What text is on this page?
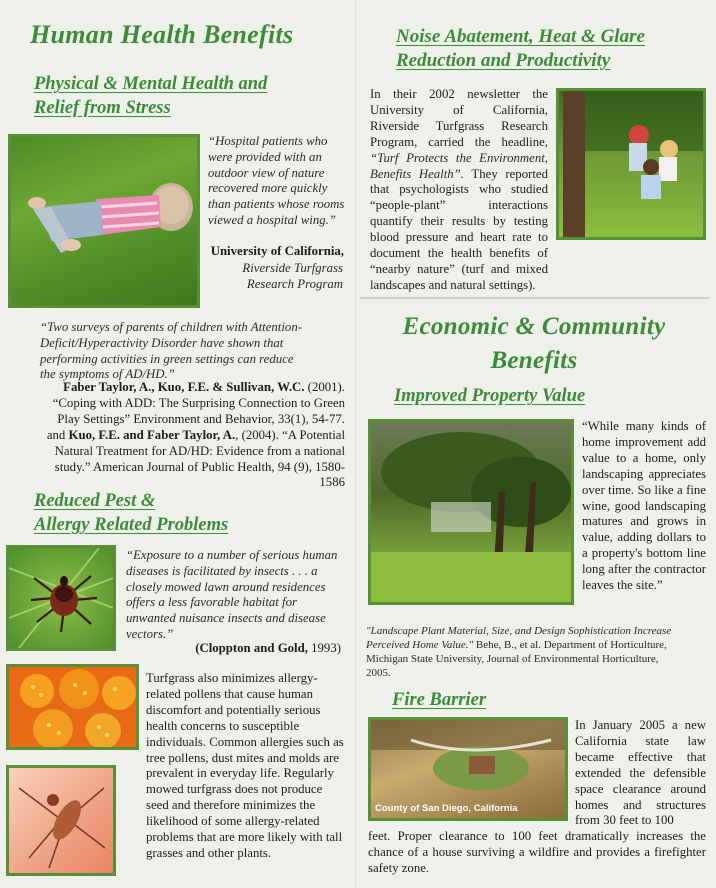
Human Health Benefits
Physical & Mental Health and
Relief from Stress
“Hospital patients who were provided with an outdoor view of nature recovered more quickly than patients whose rooms viewed a hospital wing.”
University of California,
Riverside Turfgrass Research Program
“Two surveys of parents of children with Attention-Deficit/Hyperactivity Disorder have shown that performing activities in green settings can reduce the symptoms of AD/HD.”
Faber Taylor, A., Kuo, F.E. & Sullivan, W.C. (2001). “Coping with ADD: The Surprising Connection to Green Play Settings” Environment and Behavior, 33(1), 54-77. and Kuo, F.E. and Faber Taylor, A., (2004). “A Potential Natural Treatment for AD/HD: Evidence from a national study.” American Journal of Public Health, 94 (9), 1580-1586
Reduced Pest &
Allergy Related Problems
“Exposure to a number of serious human diseases is facilitated by insects . . . a closely mowed lawn around residences offers a less favorable habitat for unwanted nuisance insects and disease vectors.”
(Cloppton and Gold, 1993)
Turfgrass also minimizes allergy-related pollens that cause human discomfort and potentially serious health concerns to susceptible individuals. Common allergies such as tree pollens, dust mites and molds are prevalent in everyday life. Regularly mowed turfgrass does not produce seed and therefore minimizes the likelihood of some allergy-related problems that are more likely with tall grasses and other plants.
Noise Abatement, Heat & Glare
Reduction and Productivity
In their 2002 newsletter the University of California, Riverside Turfgrass Research Program, carried the headline, “Turf Protects the Environment, Benefits Health”. They reported that psychologists who studied “people-plant” interactions quantify their results by testing blood pressure and heart rate to document the health benefits of “nearby nature” (turf and mixed landscapes and natural settings).
Economic & Community
Benefits
Improved Property Value
“While many kinds of home improvement add value to a home, only landscaping appreciates over time. So like a fine wine, good landscaping matures and grows in value, adding dollars to a property's bottom line long after the contractor leaves the site.”
"Landscape Plant Material, Size, and Design Sophistication Increase Perceived Home Value." Behe, B., et al. Department of Horticulture, Michigan State University, Journal of Environmental Horticulture, 2005.
Fire Barrier
County of San Diego, California
In January 2005 a new California state law became effective that extended the defensible space clearance around homes and structures from 30 feet to 100
feet. Proper clearance to 100 feet dramatically increases the chance of a house surviving a wildfire and provides a firefighter safety zone.
